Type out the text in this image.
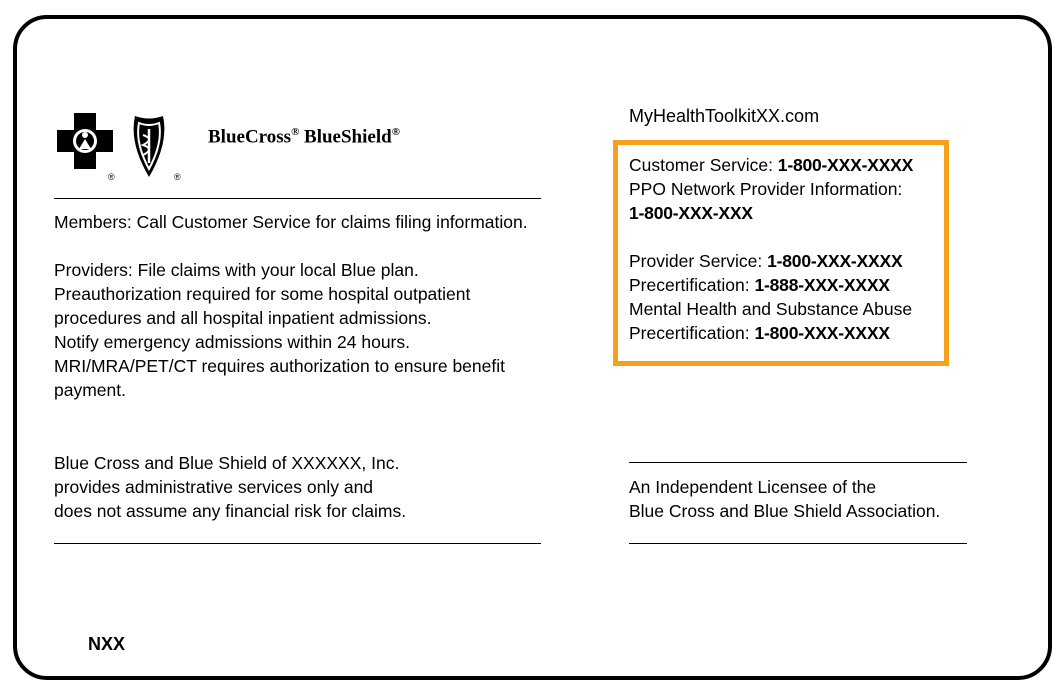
®	®
BlueCross® BlueShield®
Members: Call Customer Service for claims filing information.
Providers: File claims with your local Blue plan.
Preauthorization required for some hospital outpatient
procedures and all hospital inpatient admissions.
Notify emergency admissions within 24 hours.
MRI/MRA/PET/CT requires authorization to ensure benefit
payment.
Blue Cross and Blue Shield of XXXXXX, Inc.
provides administrative services only and
does not assume any financial risk for claims.
MyHealthToolkitXX.com
Customer Service: 1-800-XXX-XXXX
PPO Network Provider Information:
1-800-XXX-XXX
Provider Service: 1-800-XXX-XXXX
Precertification: 1-888-XXX-XXXX
Mental Health and Substance Abuse
Precertification: 1-800-XXX-XXXX
An Independent Licensee of the
Blue Cross and Blue Shield Association.
NXX
